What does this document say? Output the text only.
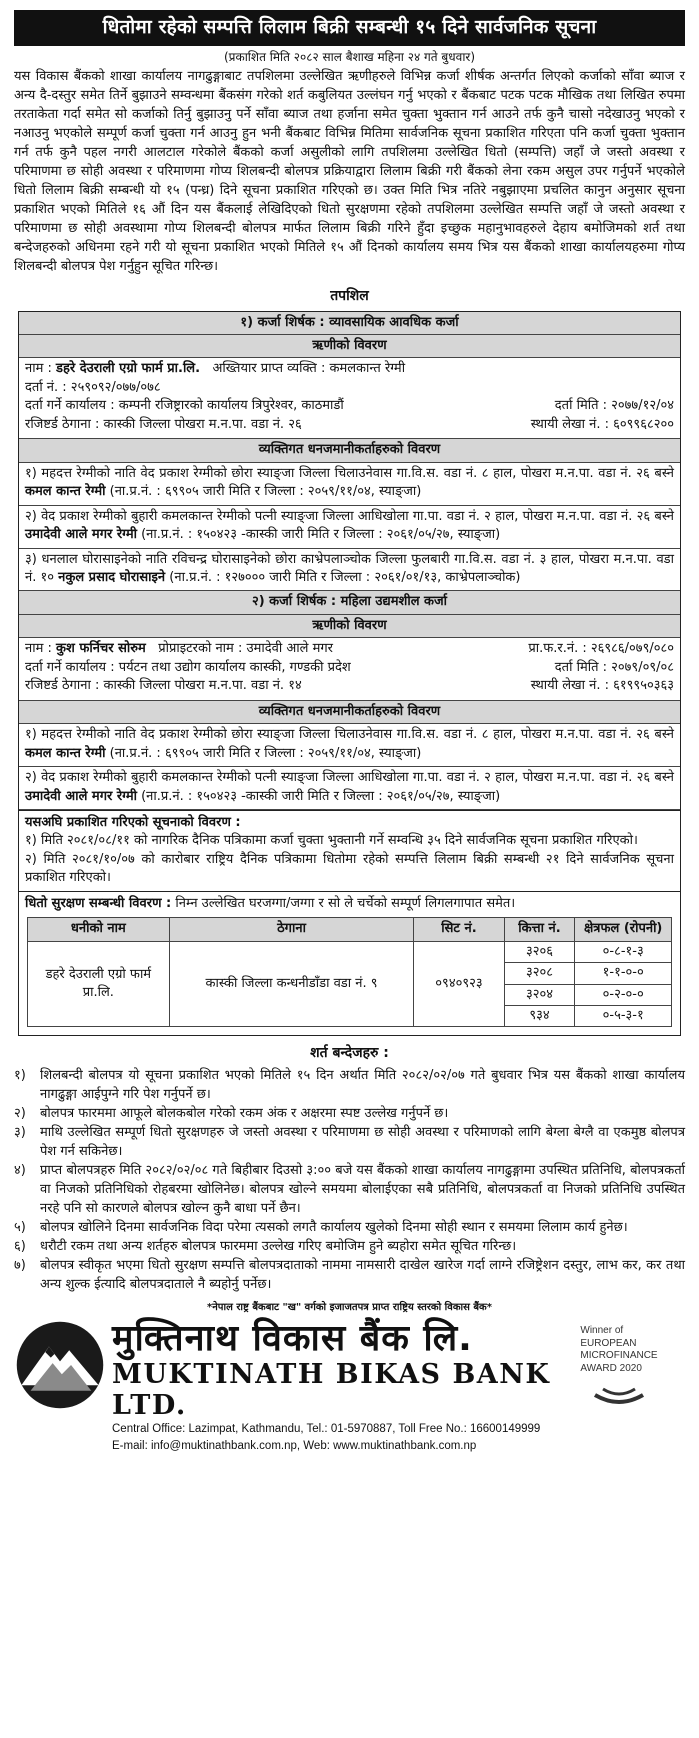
धितोमा रहेको सम्पत्ति लिलाम बिक्री सम्बन्धी १५ दिने सार्वजनिक सूचना
(प्रकाशित मिति २०८२ साल बैशाख महिना २४ गते बुधवार)

यस विकास बैंकको शाखा कार्यालय नागढुङ्गाबाट तपशिलमा उल्लेखित ऋणीहरुले विभिन्न कर्जा शीर्षक अन्तर्गत लिएको कर्जाको साँवा ब्याज र अन्य दै-दस्तुर समेत तिर्ने बुझाउने सम्वन्धमा बैंकसंग गरेको शर्त कबुलियत उल्लंघन गर्नु भएको र बैंकबाट पटक पटक मौखिक तथा लिखित रुपमा तरताकेता गर्दा समेत सो कर्जाको तिर्नु बुझाउनु पर्ने साँवा ब्याज तथा हर्जाना समेत चुक्ता भुक्तान गर्न आउने तर्फ कुनै चासो नदेखाउनु भएको र नआउनु भएकोले सम्पूर्ण कर्जा चुक्ता गर्न आउनु हुन भनी बैंकबाट विभिन्न मितिमा सार्वजनिक सूचना प्रकाशित गरिएता पनि कर्जा चुक्ता भुक्तान गर्न तर्फ कुनै पहल नगरी आलटाल गरेकोले बैंकको कर्जा असुलीको लागि तपशिलमा उल्लेखित धितो (सम्पत्ति) जहाँ जे जस्तो अवस्था र परिमाणमा छ सोही अवस्था र परिमाणमा गोप्य शिलबन्दी बोलपत्र प्रक्रियाद्वारा लिलाम बिक्री गरी बैंकको लेना रकम असुल उपर गर्नुपर्ने भएकोले धितो लिलाम बिक्री सम्बन्धी यो १५ (पन्ध्र) दिने सूचना प्रकाशित गरिएको छ। उक्त मिति भित्र नतिरे नबुझाएमा प्रचलित कानुन अनुसार सूचना प्रकाशित भएको मितिले १६ औं दिन यस बैंकलाई लेखिदिएको धितो सुरक्षणमा रहेको तपशिलमा उल्लेखित सम्पत्ति जहाँ जे जस्तो अवस्था र परिमाणमा छ सोही अवस्थामा गोप्य शिलबन्दी बोलपत्र मार्फत लिलाम बिक्री गरिने हुँदा इच्छुक महानुभावहरुले देहाय बमोजिमको शर्त तथा बन्देजहरुको अधिनमा रहने गरी यो सूचना प्रकाशित भएको मितिले १५ औं दिनको कार्यालय समय भित्र यस बैंकको शाखा कार्यालयहरुमा गोप्य शिलबन्दी बोलपत्र पेश गर्नुहुन सूचित गरिन्छ।

तपशिल
१) कर्जा शिर्षक : व्यावसायिक आवधिक कर्जा
ऋणीको विवरण
नाम : डहरे देउराली एग्रो फार्म प्रा.लि. अख्तियार प्राप्त व्यक्ति : कमलकान्त रेग्मी
दर्ता नं. : २५९०९२/०७७/०७८
दर्ता गर्ने कार्यालय : कम्पनी रजिष्ट्रारको कार्यालय त्रिपुरेश्वर, काठमाडौं	दर्ता मिति : २०७७/१२/०४
रजिष्टर्ड ठेगाना : कास्की जिल्ला पोखरा म.न.पा. वडा नं. २६	स्थायी लेखा नं. : ६०९९६८२००
व्यक्तिगत धनजमानीकर्ताहरुको विवरण
१) महदत्त रेग्मीको नाति वेद प्रकाश रेग्मीको छोरा स्याङ्जा जिल्ला चिलाउनेवास गा.वि.स. वडा नं. ८ हाल, पोखरा म.न.पा. वडा नं. २६ बस्ने कमल कान्त रेग्मी (ना.प्र.नं. : ६९९०५ जारी मिति र जिल्ला : २०५९/११/०४, स्याङ्जा)
२) वेद प्रकाश रेग्मीको बुहारी कमलकान्त रेग्मीको पत्नी स्याङ्जा जिल्ला आधिखोला गा.पा. वडा नं. २ हाल, पोखरा म.न.पा. वडा नं. २६ बस्ने उमादेवी आले मगर रेग्मी (ना.प्र.नं. : १५०४२३ -कास्की जारी मिति र जिल्ला : २०६१/०५/२७, स्याङ्जा)
३) धनलाल घोरासाइनेको नाति रविचन्द्र घोरासाइनेको छोरा काभ्रेपलाञ्चोक जिल्ला फुलबारी गा.वि.स. वडा नं. ३ हाल, पोखरा म.न.पा. वडा नं. १० नकुल प्रसाद घोरासाइने (ना.प्र.नं. : १२७००० जारी मिति र जिल्ला : २०६१/०१/१३, काभ्रेपलाञ्चोक)
२) कर्जा शिर्षक : महिला उद्यमशील कर्जा
ऋणीको विवरण
नाम : कुश फर्निचर सोरुम प्रोप्राइटरको नाम : उमादेवी आले मगर	प्रा.फ.र.नं. : २६९८६/०७९/०८०
दर्ता गर्ने कार्यालय : पर्यटन तथा उद्योग कार्यालय कास्की, गण्डकी प्रदेश	दर्ता मिति : २०७९/०९/०८
रजिष्टर्ड ठेगाना : कास्की जिल्ला पोखरा म.न.पा. वडा नं. १४	स्थायी लेखा नं. : ६१९९५०३६३
व्यक्तिगत धनजमानीकर्ताहरुको विवरण
१) महदत्त रेग्मीको नाति वेद प्रकाश रेग्मीको छोरा स्याङ्जा जिल्ला चिलाउनेवास गा.वि.स. वडा नं. ८ हाल, पोखरा म.न.पा. वडा नं. २६ बस्ने कमल कान्त रेग्मी (ना.प्र.नं. : ६९९०५ जारी मिति र जिल्ला : २०५९/११/०४, स्याङ्जा)
२) वेद प्रकाश रेग्मीको बुहारी कमलकान्त रेग्मीको पत्नी स्याङ्जा जिल्ला आधिखोला गा.पा. वडा नं. २ हाल, पोखरा म.न.पा. वडा नं. २६ बस्ने उमादेवी आले मगर रेग्मी (ना.प्र.नं. : १५०४२३ -कास्की जारी मिति र जिल्ला : २०६१/०५/२७, स्याङ्जा)
यसअघि प्रकाशित गरिएको सूचनाको विवरण :
१) मिति २०८१/०८/११ को नागरिक दैनिक पत्रिकामा कर्जा चुक्ता भुक्तानी गर्ने सम्वन्धि ३५ दिने सार्वजनिक सूचना प्रकाशित गरिएको।
२) मिति २०८१/१०/०७ को कारोबार राष्ट्रिय दैनिक पत्रिकामा धितोमा रहेको सम्पत्ति लिलाम बिक्री सम्बन्धी २१ दिने सार्वजनिक सूचना प्रकाशित गरिएको।
धितो सुरक्षण सम्बन्धी विवरण : निम्न उल्लेखित घरजग्गा/जग्गा र सो ले चर्चेको सम्पूर्ण लिगलगापात समेत।
धनीको नाम	ठेगाना	सिट नं.	कित्ता नं.	क्षेत्रफल (रोपनी)
डहरे देउराली एग्रो फार्म प्रा.लि.	कास्की जिल्ला कन्धनीडाँडा वडा नं. ९	०९४०९२३	३२०६	०-८-१-३
			३२०८	१-१-०-०
			३२०४	०-२-०-०
			९३४	०-५-३-१
शर्त बन्देजहरु :
१)	शिलबन्दी बोलपत्र यो सूचना प्रकाशित भएको मितिले १५ दिन अर्थात मिति २०८२/०२/०७ गते बुधवार भित्र यस बैंकको शाखा कार्यालय नागढुङ्गा आईपुग्ने गरि पेश गर्नुपर्ने छ।
२)	बोलपत्र फारममा आफूले बोलकबोल गरेको रकम अंक र अक्षरमा स्पष्ट उल्लेख गर्नुपर्ने छ।
३)	माथि उल्लेखित सम्पूर्ण धितो सुरक्षणहरु जे जस्तो अवस्था र परिमाणमा छ सोही अवस्था र परिमाणको लागि बेग्ला बेग्लै वा एकमुष्ठ बोलपत्र पेश गर्न सकिनेछ।
४)	प्राप्त बोलपत्रहरु मिति २०८२/०२/०८ गते बिहीबार दिउसो ३:०० बजे यस बैंकको शाखा कार्यालय नागढुङ्गामा उपस्थित प्रतिनिधि, बोलपत्रकर्ता वा निजको प्रतिनिधिको रोहबरमा खोलिनेछ। बोलपत्र खोल्ने समयमा बोलाईएका सबै प्रतिनिधि, बोलपत्रकर्ता वा निजको प्रतिनिधि उपस्थित नरहे पनि सो कारणले बोलपत्र खोल्न कुनै बाधा पर्ने छैन।
५)	बोलपत्र खोलिने दिनमा सार्वजनिक विदा परेमा त्यसको लगतै कार्यालय खुलेको दिनमा सोही स्थान र समयमा लिलाम कार्य हुनेछ।
६)	धरौटी रकम तथा अन्य शर्तहरु बोलपत्र फारममा उल्लेख गरिए बमोजिम हुने ब्यहोरा समेत सूचित गरिन्छ।
७)	बोलपत्र स्वीकृत भएमा धितो सुरक्षण सम्पत्ति बोलपत्रदाताको नाममा नामसारी दाखेल खारेज गर्दा लाग्ने रजिष्ट्रेशन दस्तुर, लाभ कर, कर तथा अन्य शुल्क ईत्यादि बोलपत्रदाताले नै ब्यहोर्नु पर्नेछ।
*नेपाल राष्ट्र बैंकबाट "ख" वर्गको इजाजतपत्र प्राप्त राष्ट्रिय स्तरको विकास बैंक*
मुक्तिनाथ विकास बैंक लि.
MUKTINATH BIKAS BANK LTD.
Central Office: Lazimpat, Kathmandu, Tel.: 01-5970887, Toll Free No.: 16600149999
E-mail: info@muktinathbank.com.np, Web: www.muktinathbank.com.np
Winner of
EUROPEAN
MICROFINANCE
AWARD 2020
